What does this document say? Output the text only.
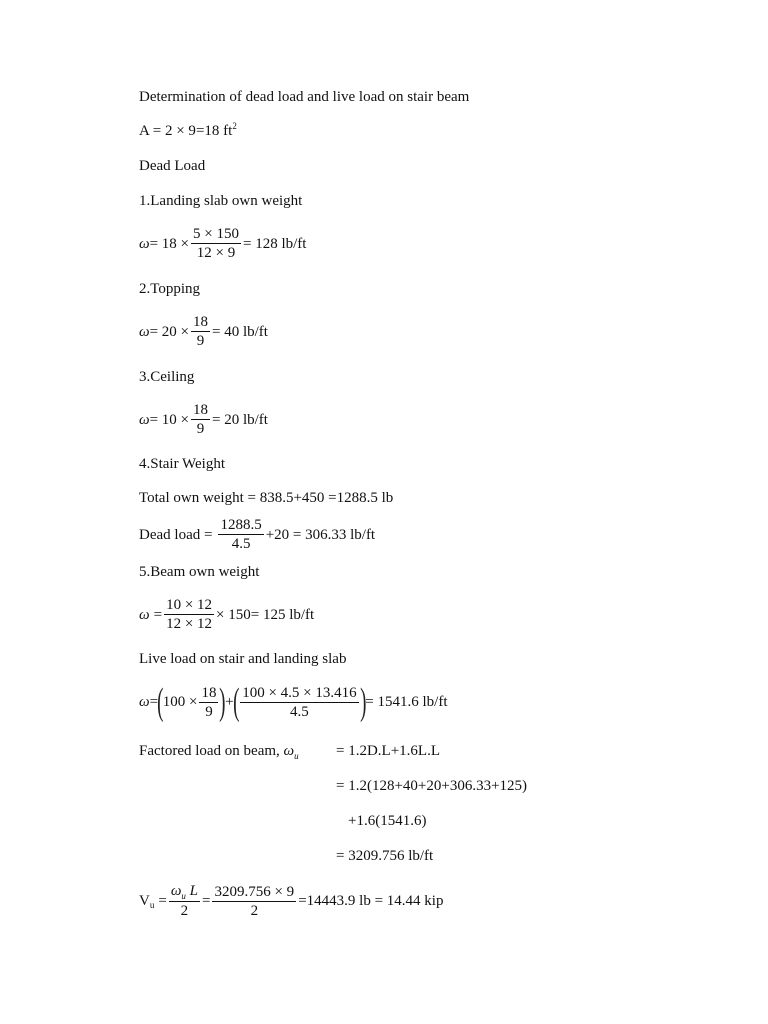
Determination of dead load and live load on stair beam
A = 2 × 9=18 $ft^2$
Dead Load
1.Landing slab own weight
$\omega = 18 \times \frac{5 \times 150}{12 \times 9} = 128$ lb/ft
2.Topping
$\omega = 20 \times \frac{18}{9} = 40$ lb/ft
3.Ceiling
$\omega = 10 \times \frac{18}{9} = 20$ lb/ft
4.Stair Weight
Total own weight = 838.5+450 =1288.5 lb
Dead load = $\frac{1288.5}{4.5} +20 = 306.33$ lb/ft
5.Beam own weight
$\omega = \frac{10 \times 12}{12 \times 12} \times 150= 125$ lb/ft
Live load on stair and landing slab
ω = ( $100 \times \frac{18}{9}$ ) + ( $\frac{100 \times 4.5 \times 13.416}{4.5}$ ) = 1541.6 lb/ft
Factored load on beam, $\omega_u = 1.2D.L+1.6L.L$
= 1.2(128+40+20+306.33+125)
+1.6(1541.6)
= 3209.756 lb/ft
V $u = \frac{\omega_u L}{2} = \frac{3209.756 \times 9}{2} =14443.9$ lb = 14.44 kip
